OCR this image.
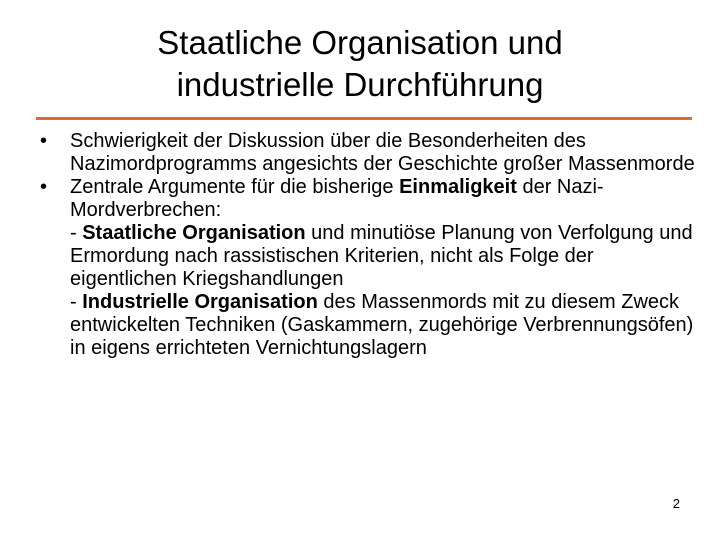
Staatliche Organisation und
industrielle Durchführung
•	Schwierigkeit der Diskussion über die Besonderheiten des Nazimordprogramms angesichts der Geschichte großer Massenmorde
•	Zentrale Argumente für die bisherige Einmaligkeit der Nazi-Mordverbrechen:
- Staatliche Organisation und minutiöse Planung von Verfolgung und Ermordung nach rassistischen Kriterien, nicht als Folge der eigentlichen Kriegshandlungen
- Industrielle Organisation des Massenmords mit zu diesem Zweck entwickelten Techniken (Gaskammern, zugehörige Verbrennungsöfen) in eigens errichteten Vernichtungslagern
2
